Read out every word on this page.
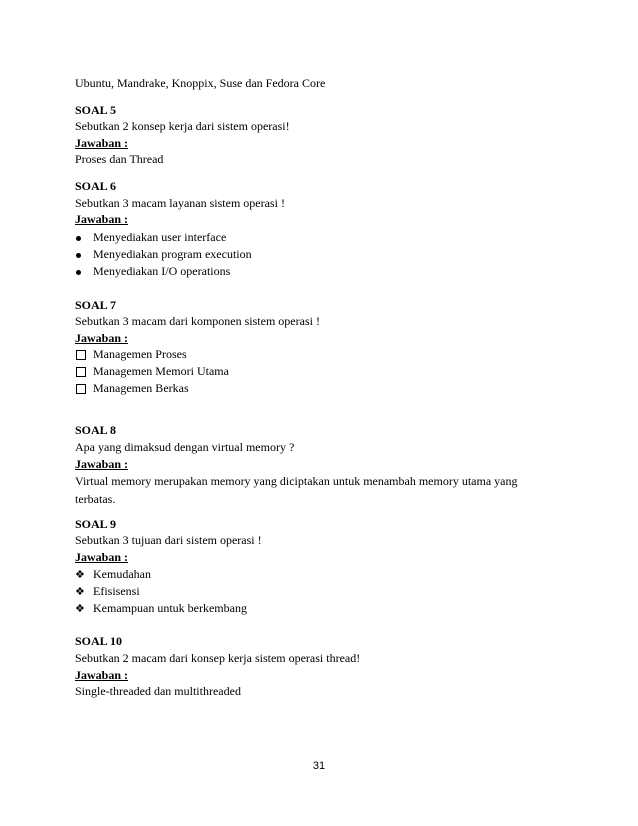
Ubuntu, Mandrake, Knoppix, Suse dan Fedora Core
SOAL 5
Sebutkan 2 konsep kerja dari sistem operasi!
Jawaban :
Proses dan Thread
SOAL 6
Sebutkan 3 macam layanan sistem operasi !
Jawaban :
Menyediakan user interface
Menyediakan program execution
Menyediakan I/O operations
SOAL 7
Sebutkan 3 macam dari komponen sistem operasi !
Jawaban :
Managemen Proses
Managemen Memori Utama
Managemen Berkas
SOAL 8
Apa yang dimaksud dengan virtual memory ?
Jawaban :
Virtual memory merupakan memory yang diciptakan untuk menambah memory utama yang
terbatas.
SOAL 9
Sebutkan 3 tujuan dari sistem operasi !
Jawaban :
❖ Kemudahan
❖ Efisisensi
❖ Kemampuan untuk berkembang
SOAL 10
Sebutkan 2 macam dari konsep kerja sistem operasi thread!
Jawaban :
Single-threaded dan multithreaded
31
